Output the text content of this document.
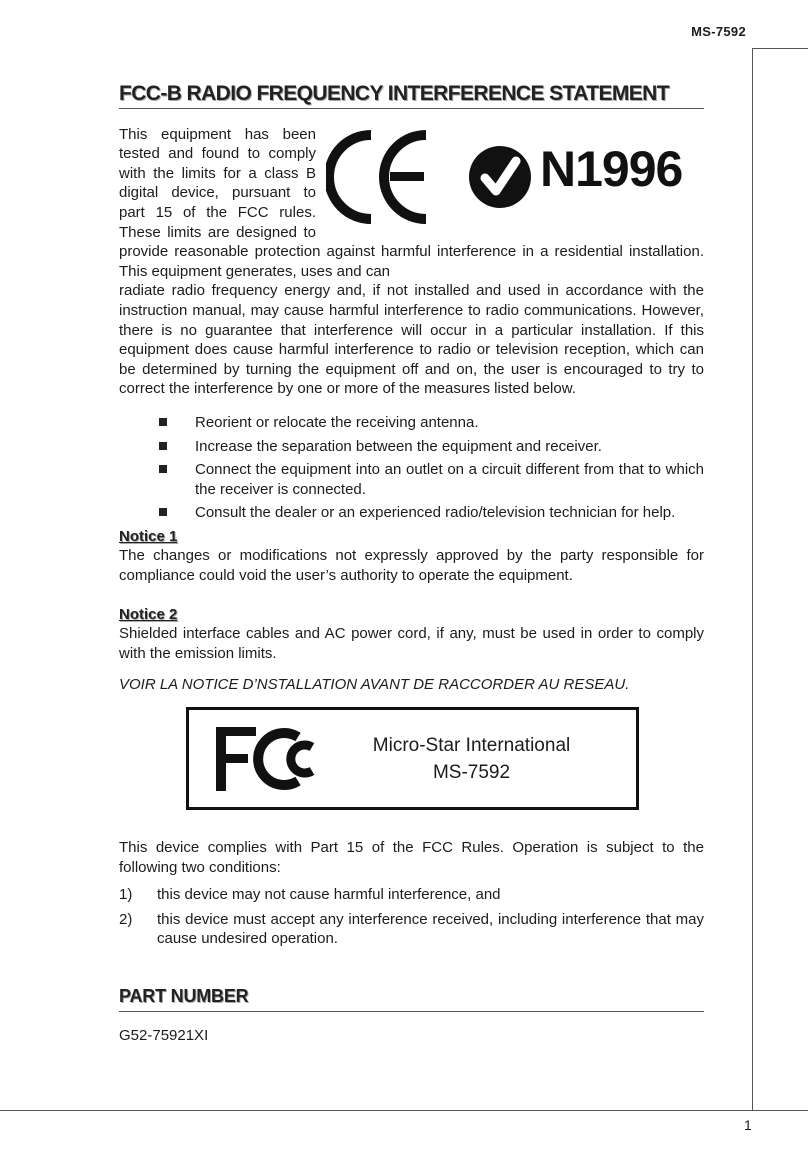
MS-7592
1
FCC-B RADIO FREQUENCY INTERFERENCE STATEMENT
N1996

This equipment has been tested and found to comply with the limits for a class B digital device, pursuant to part 15 of the FCC rules. These limits are designed to provide reasonable protection against harmful interference in a residential installation. This equipment generates, uses and can

radiate radio frequency energy and, if not installed and used in accordance with the instruction manual, may cause harmful interference to radio communications. However, there is no guarantee that interference will occur in a particular installation. If this equipment does cause harmful interference to radio or television reception, which can be determined by turning the equipment off and on, the user is encouraged to try to correct the interference by one or more of the measures listed below.

Reorient or relocate the receiving antenna.
Increase the separation between the equipment and receiver.
Connect the equipment into an outlet on a circuit different from that to which the receiver is connected.
Consult the dealer or an experienced radio/television technician for help.
Notice 1

The changes or modifications not expressly approved by the party responsible for compliance could void the user’s authority to operate the equipment.

Notice 2

Shielded interface cables and AC power cord, if any, must be used in order to comply with the emission limits.

VOIR LA NOTICE D’NSTALLATION AVANT DE RACCORDER AU RESEAU.

Micro-Star International
MS-7592

This device complies with Part 15 of the FCC Rules. Operation is subject to the following two conditions:

1) this device may not cause harmful interference, and
2) this device must accept any interference received, including interference that may cause undesired operation.
PART NUMBER

G52-75921XI
